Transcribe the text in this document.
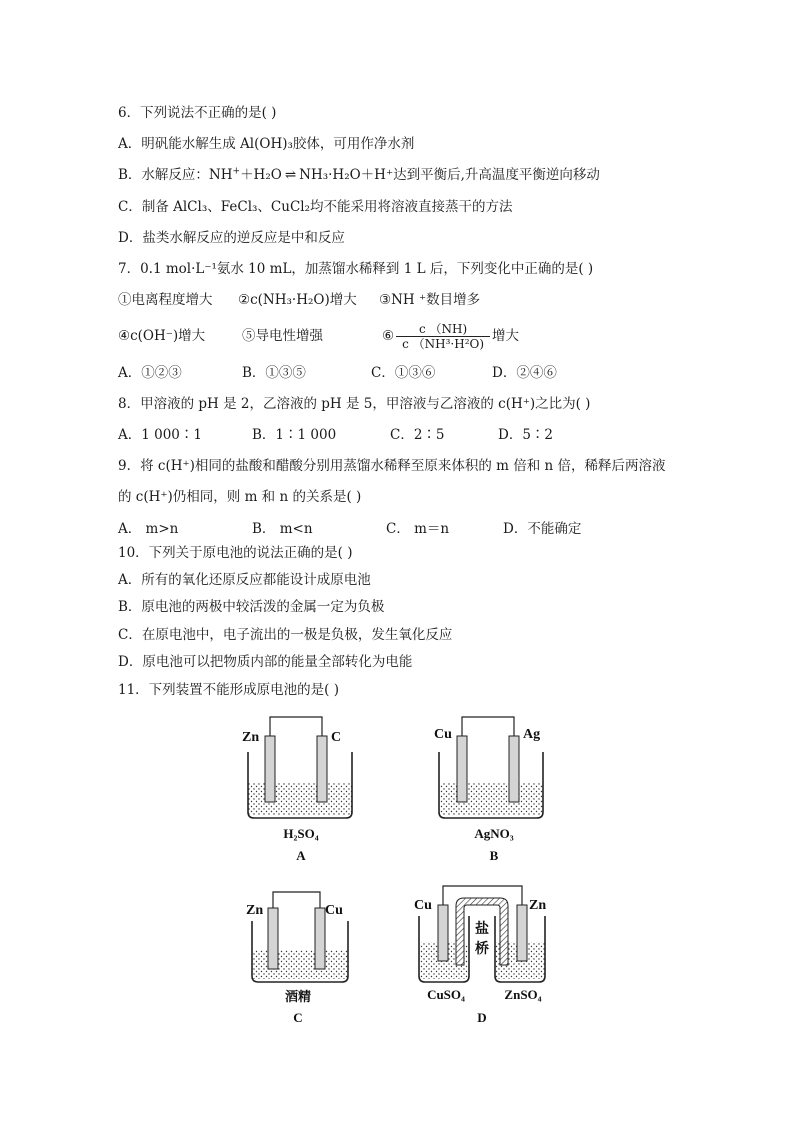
6．下列说法不正确的是( )
A．明矾能水解生成 Al(OH)₃胶体，可用作净水剂
B．水解反应：NH+＋H₂O ⇌ NH₃·H₂O＋H⁺达到平衡后,升高温度平衡逆向移动
C．制备 AlCl₃、FeCl₃、CuCl₂均不能采用将溶液直接蒸干的方法
D．盐类水解反应的逆反应是中和反应
7．0.1 mol·L⁻¹氨水 10 mL，加蒸馏水稀释到 1 L 后，下列变化中正确的是( )
①电离程度增大 ②c(NH₃·H₂O)增大 ③NH ⁺数目增多
④c(OH⁻)增大	⑤导电性增强	⑥ $\frac{c (NH)}{\text{c （NH³·H²O)}}$ 增大
A．①②③	B．①③⑤	C．①③⑥	D．②④⑥
8．甲溶液的 pH 是 2，乙溶液的 pH 是 5，甲溶液与乙溶液的 c(H⁺)之比为( )
A．1 000∶1	B．1∶1 000	C．2∶5	D．5∶2
9．将 c(H⁺)相同的盐酸和醋酸分别用蒸馏水稀释至原来体积的 m 倍和 n 倍，稀释后两溶液
的 c(H⁺)仍相同，则 m 和 n 的关系是( )
A． m>n	B． m<n	C． m＝n	D．不能确定
10．下列关于原电池的说法正确的是( )
A．所有的氧化还原反应都能设计成原电池
B．原电池的两极中较活泼的金属一定为负极
C．在原电池中，电子流出的一极是负极，发生氧化反应
D．原电池可以把物质内部的能量全部转化为电能
11．下列装置不能形成原电池的是( )
Zn	C
H₂SO₄
A
Cu	Ag
AgNO₃
B
Zn	Cu
酒精
C
Cu	Zn
盐
桥
CuSO₄	ZnSO₄
D
